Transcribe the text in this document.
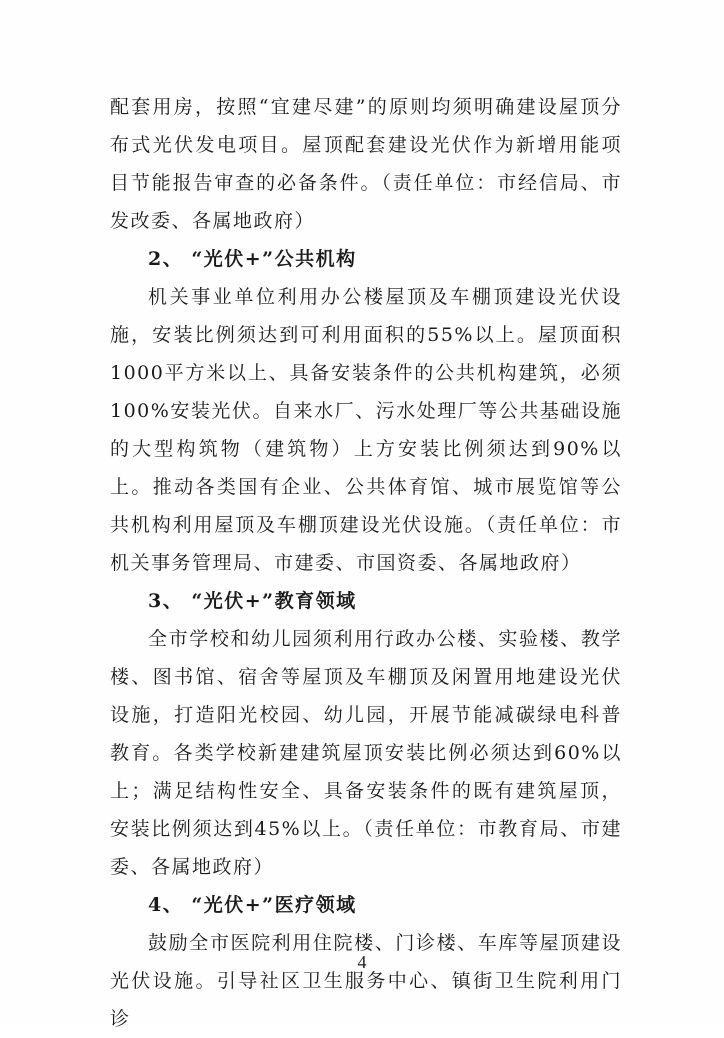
配套用房，按照“宜建尽建”的原则均须明确建设屋顶分布式光伏发电项目。屋顶配套建设光伏作为新增用能项目节能报告审查的必备条件。（责任单位：市经信局、市发改委、各属地政府）

2、 “光伏+”公共机构

机关事业单位利用办公楼屋顶及车棚顶建设光伏设施，安装比例须达到可利用面积的55%以上。屋顶面积1000平方米以上、具备安装条件的公共机构建筑，必须100%安装光伏。自来水厂、污水处理厂等公共基础设施的大型构筑物（建筑物）上方安装比例须达到90%以上。推动各类国有企业、公共体育馆、城市展览馆等公共机构利用屋顶及车棚顶建设光伏设施。（责任单位：市机关事务管理局、市建委、市国资委、各属地政府）

3、 “光伏+”教育领域

全市学校和幼儿园须利用行政办公楼、实验楼、教学楼、图书馆、宿舍等屋顶及车棚顶及闲置用地建设光伏设施，打造阳光校园、幼儿园，开展节能减碳绿电科普教育。各类学校新建建筑屋顶安装比例必须达到60%以上；满足结构性安全、具备安装条件的既有建筑屋顶，安装比例须达到45%以上。（责任单位：市教育局、市建委、各属地政府）

4、 “光伏+”医疗领域

鼓励全市医院利用住院楼、门诊楼、车库等屋顶建设光伏设施。引导社区卫生服务中心、镇街卫生院利用门诊

4
